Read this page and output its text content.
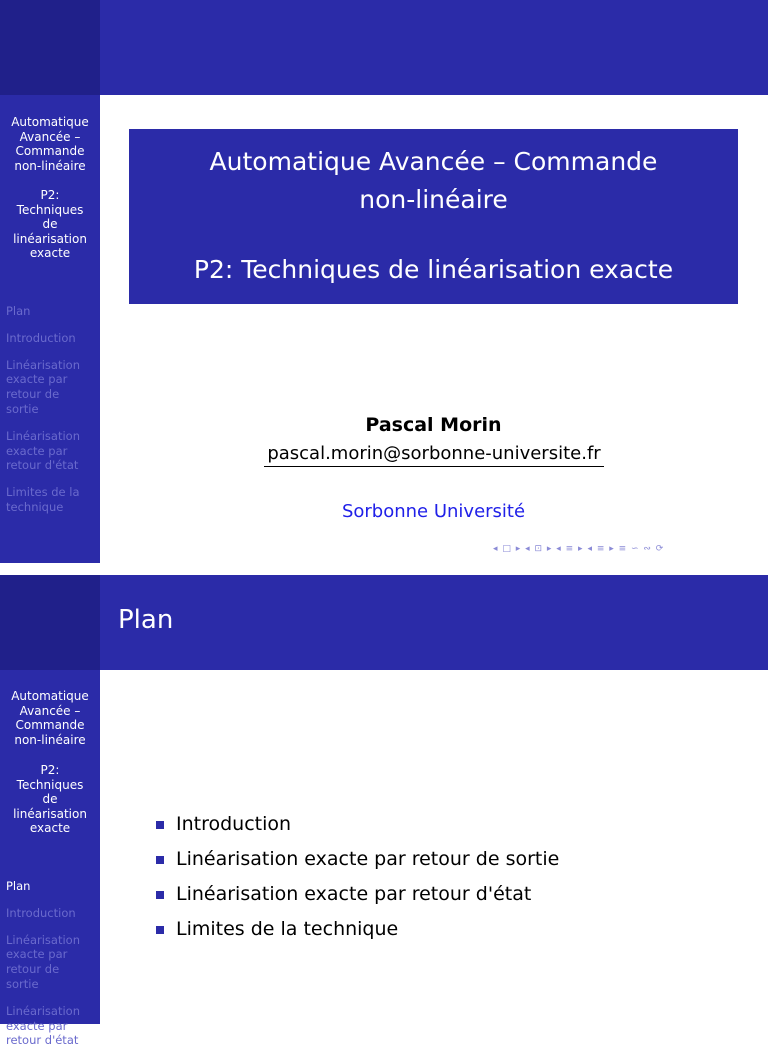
Automatique
Avancée –
Commande
non-linéaire
P2:
Techniques
de
linéarisation
exacte
Plan
Introduction
Linéarisation
exacte par
retour de
sortie
Linéarisation
exacte par
retour d'état
Limites de la
technique
Automatique Avancée – Commande
non-linéaire
P2: Techniques de linéarisation exacte
Pascal Morin
pascal.morin@sorbonne-universite.fr
Sorbonne Université
◂ □ ▸ ◂ ⊡ ▸ ◂ ≡ ▸ ◂ ≡ ▸ ≡ ∽ ∾ ⟳
Automatique
Avancée –
Commande
non-linéaire
P2:
Techniques
de
linéarisation
exacte
Plan
Introduction
Linéarisation
exacte par
retour de
sortie
Linéarisation
exacte par
retour d'état
Plan
Introduction
Linéarisation exacte par retour de sortie
Linéarisation exacte par retour d'état
Limites de la technique
